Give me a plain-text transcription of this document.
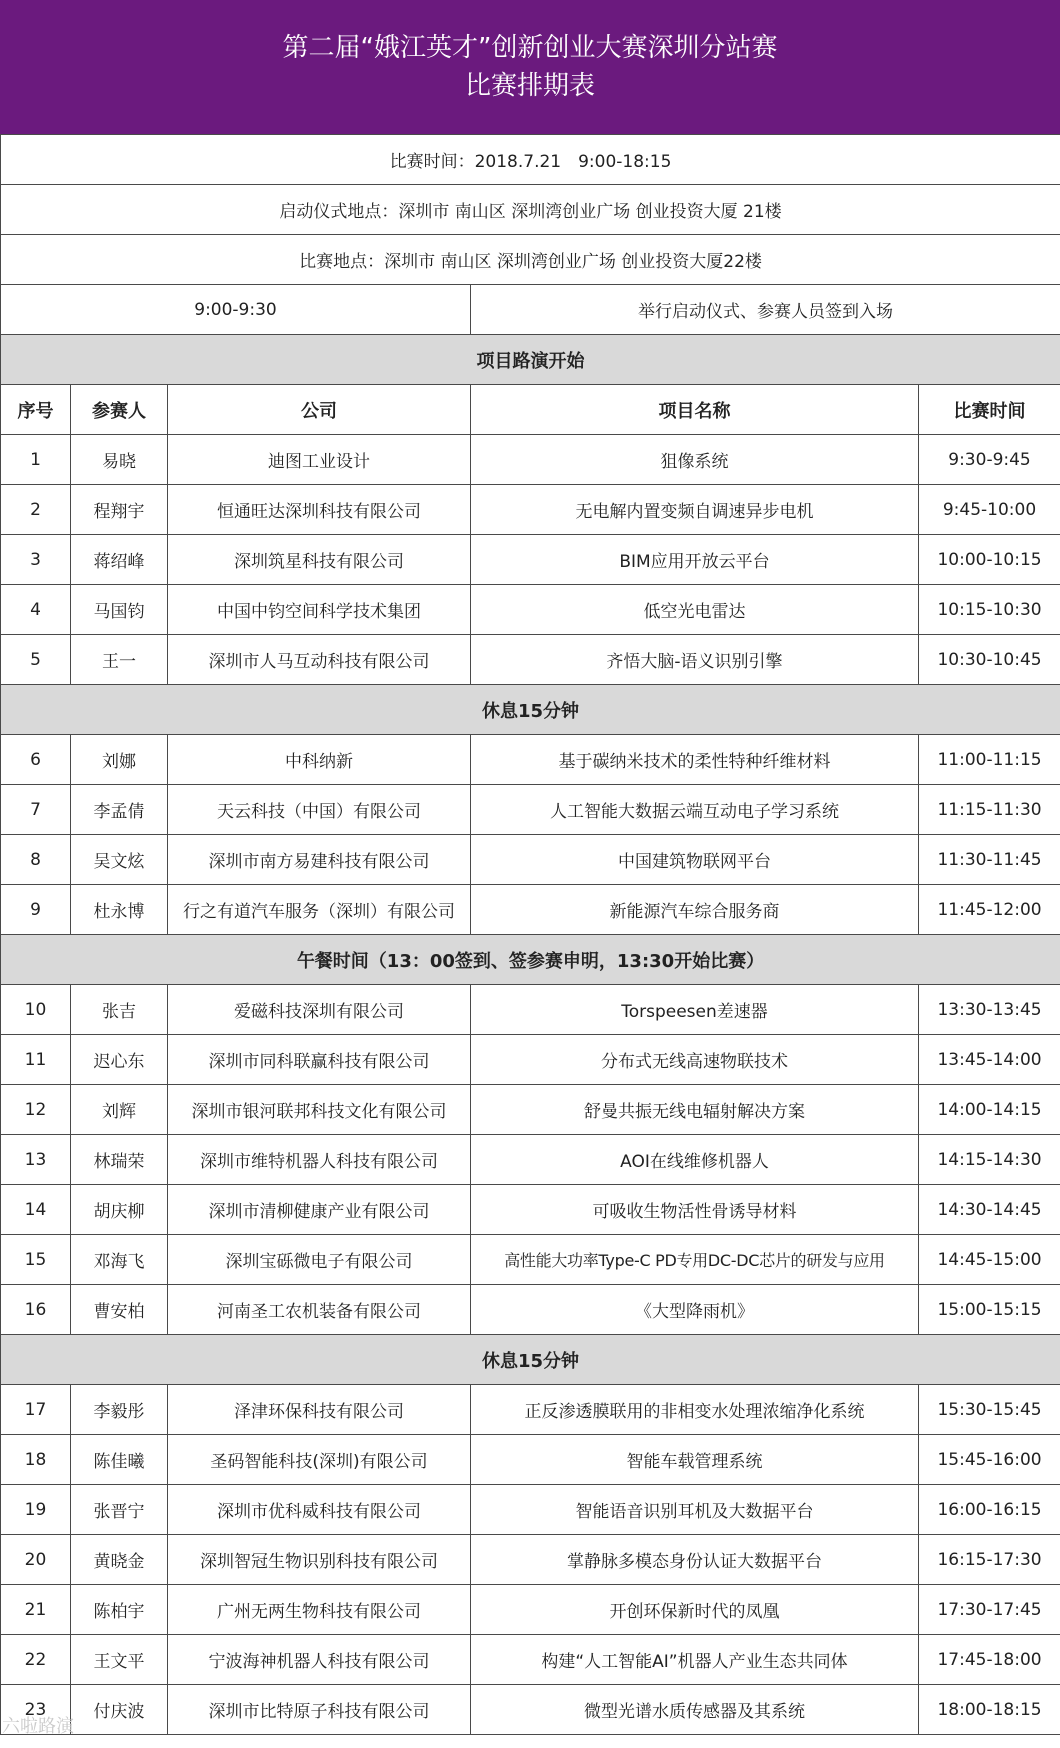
第二届“娥江英才”创新创业大赛深圳分站赛
比赛排期表
比赛时间：2018.7.21　9:00-18:15				
启动仪式地点：深圳市 南山区 深圳湾创业广场 创业投资大厦 21楼				
比赛地点：深圳市 南山区 深圳湾创业广场 创业投资大厦22楼				
9:00-9:30			举行启动仪式、参赛人员签到入场	
项目路演开始				
序号	参赛人	公司	项目名称	比赛时间
1	易晓	迪图工业设计	狙像系统	9:30-9:45
2	程翔宇	恒通旺达深圳科技有限公司	无电解内置变频自调速异步电机	9:45-10:00
3	蒋绍峰	深圳筑星科技有限公司	BIM应用开放云平台	10:00-10:15
4	马国钧	中国中钧空间科学技术集团	低空光电雷达	10:15-10:30
5	王一	深圳市人马互动科技有限公司	齐悟大脑-语义识别引擎	10:30-10:45
休息15分钟				
6	刘娜	中科纳新	基于碳纳米技术的柔性特种纤维材料	11:00-11:15
7	李孟倩	天云科技（中国）有限公司	人工智能大数据云端互动电子学习系统	11:15-11:30
8	吴文炫	深圳市南方易建科技有限公司	中国建筑物联网平台	11:30-11:45
9	杜永博	行之有道汽车服务（深圳）有限公司	新能源汽车综合服务商	11:45-12:00
午餐时间（13：00签到、签参赛申明，13:30开始比赛）				
10	张吉	爱磁科技深圳有限公司	Torspeesen差速器	13:30-13:45
11	迟心东	深圳市同科联赢科技有限公司	分布式无线高速物联技术	13:45-14:00
12	刘辉	深圳市银河联邦科技文化有限公司	舒曼共振无线电辐射解决方案	14:00-14:15
13	林瑞荣	深圳市维特机器人科技有限公司	AOI在线维修机器人	14:15-14:30
14	胡庆柳	深圳市清柳健康产业有限公司	可吸收生物活性骨诱导材料	14:30-14:45
15	邓海飞	深圳宝砾微电子有限公司	高性能大功率Type-C PD专用DC-DC芯片的研发与应用	14:45-15:00
16	曹安柏	河南圣工农机装备有限公司	《大型降雨机》	15:00-15:15
休息15分钟				
17	李毅彤	泽津环保科技有限公司	正反渗透膜联用的非相变水处理浓缩净化系统	15:30-15:45
18	陈佳曦	圣码智能科技(深圳)有限公司	智能车载管理系统	15:45-16:00
19	张晋宁	深圳市优科威科技有限公司	智能语音识别耳机及大数据平台	16:00-16:15
20	黄晓金	深圳智冠生物识别科技有限公司	掌静脉多模态身份认证大数据平台	16:15-17:30
21	陈柏宇	广州无两生物科技有限公司	开创环保新时代的凤凰	17:30-17:45
22	王文平	宁波海神机器人科技有限公司	构建“人工智能AI”机器人产业生态共同体	17:45-18:00
23	付庆波	深圳市比特原子科技有限公司	微型光谱水质传感器及其系统	18:00-18:15
六啦路演
